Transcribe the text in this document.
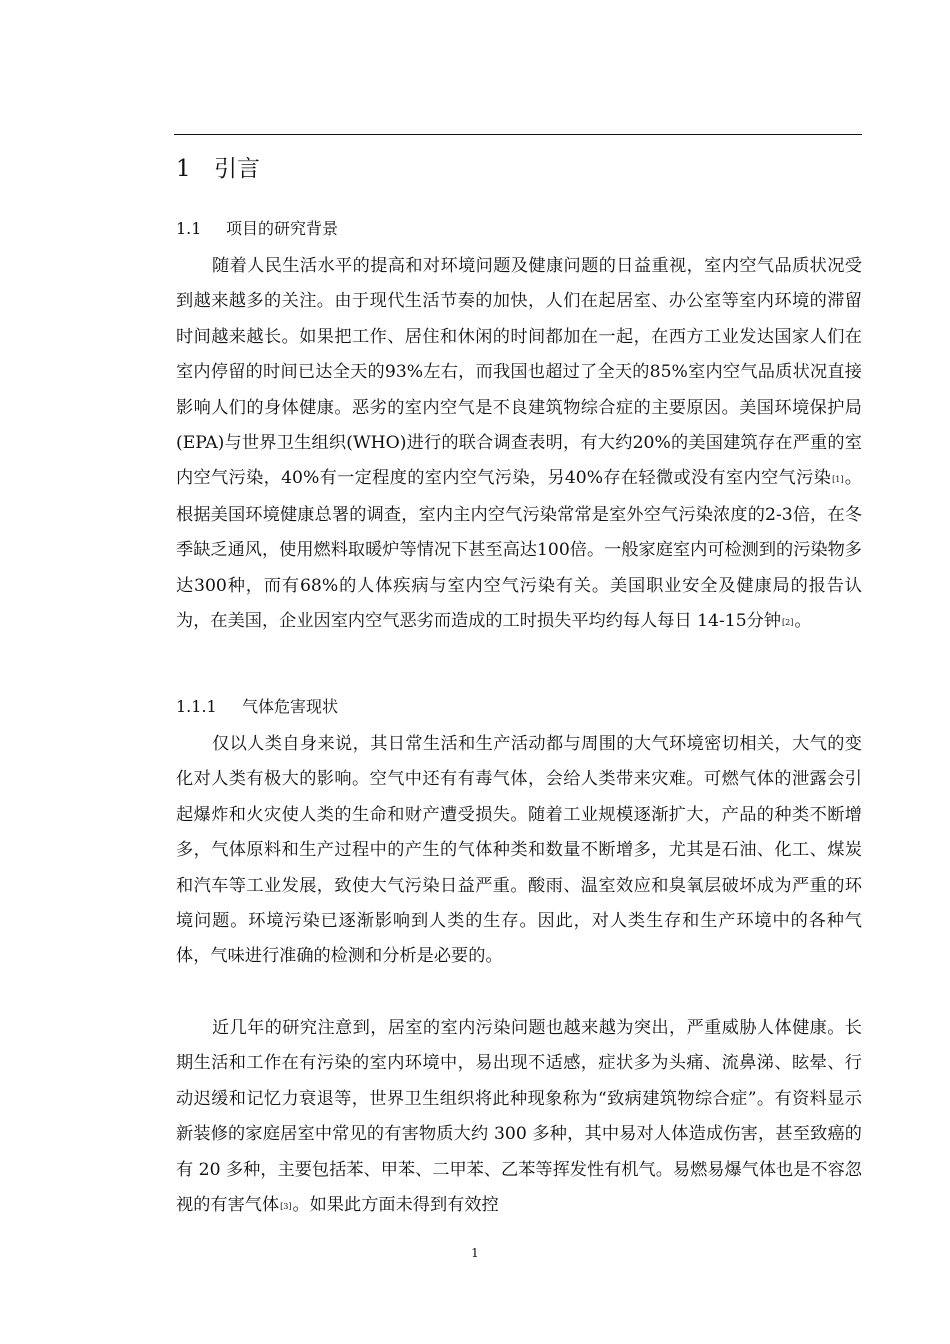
1 引言
1.1 项目的研究背景

随着人民生活水平的提高和对环境问题及健康问题的日益重视，室内空气品质状况受到越来越多的关注。由于现代生活节奏的加快，人们在起居室、办公室等室内环境的滞留时间越来越长。如果把工作、居住和休闲的时间都加在一起，在西方工业发达国家人们在室内停留的时间已达全天的93%左右，而我国也超过了全天的85%室内空气品质状况直接影响人们的身体健康。恶劣的室内空气是不良建筑物综合症的主要原因。美国环境保护局(EPA)与世界卫生组织(WHO)进行的联合调查表明，有大约20%的美国建筑存在严重的室内空气污染，40%有一定程度的室内空气污染，另40%存在轻微或没有室内空气污染[1]。根据美国环境健康总署的调查，室内主内空气污染常常是室外空气污染浓度的2-3倍，在冬季缺乏通风，使用燃料取暖炉等情况下甚至高达100倍。一般家庭室内可检测到的污染物多达300种，而有68%的人体疾病与室内空气污染有关。美国职业安全及健康局的报告认为，在美国，企业因室内空气恶劣而造成的工时损失平均约每人每日 14-15分钟[2]。

1.1.1 气体危害现状

仅以人类自身来说，其日常生活和生产活动都与周围的大气环境密切相关，大气的变化对人类有极大的影响。空气中还有有毒气体，会给人类带来灾难。可燃气体的泄露会引起爆炸和火灾使人类的生命和财产遭受损失。随着工业规模逐渐扩大，产品的种类不断增多，气体原料和生产过程中的产生的气体种类和数量不断增多，尤其是石油、化工、煤炭和汽车等工业发展，致使大气污染日益严重。酸雨、温室效应和臭氧层破坏成为严重的环境问题。环境污染已逐渐影响到人类的生存。因此，对人类生存和生产环境中的各种气体，气味进行准确的检测和分析是必要的。

近几年的研究注意到，居室的室内污染问题也越来越为突出，严重威胁人体健康。长期生活和工作在有污染的室内环境中，易出现不适感，症状多为头痛、流鼻涕、眩晕、行动迟缓和记忆力衰退等，世界卫生组织将此种现象称为“致病建筑物综合症”。有资料显示新装修的家庭居室中常见的有害物质大约 300 多种，其中易对人体造成伤害，甚至致癌的有 20 多种，主要包括苯、甲苯、二甲苯、乙苯等挥发性有机气。易燃易爆气体也是不容忽视的有害气体[3]。如果此方面未得到有效控

1
